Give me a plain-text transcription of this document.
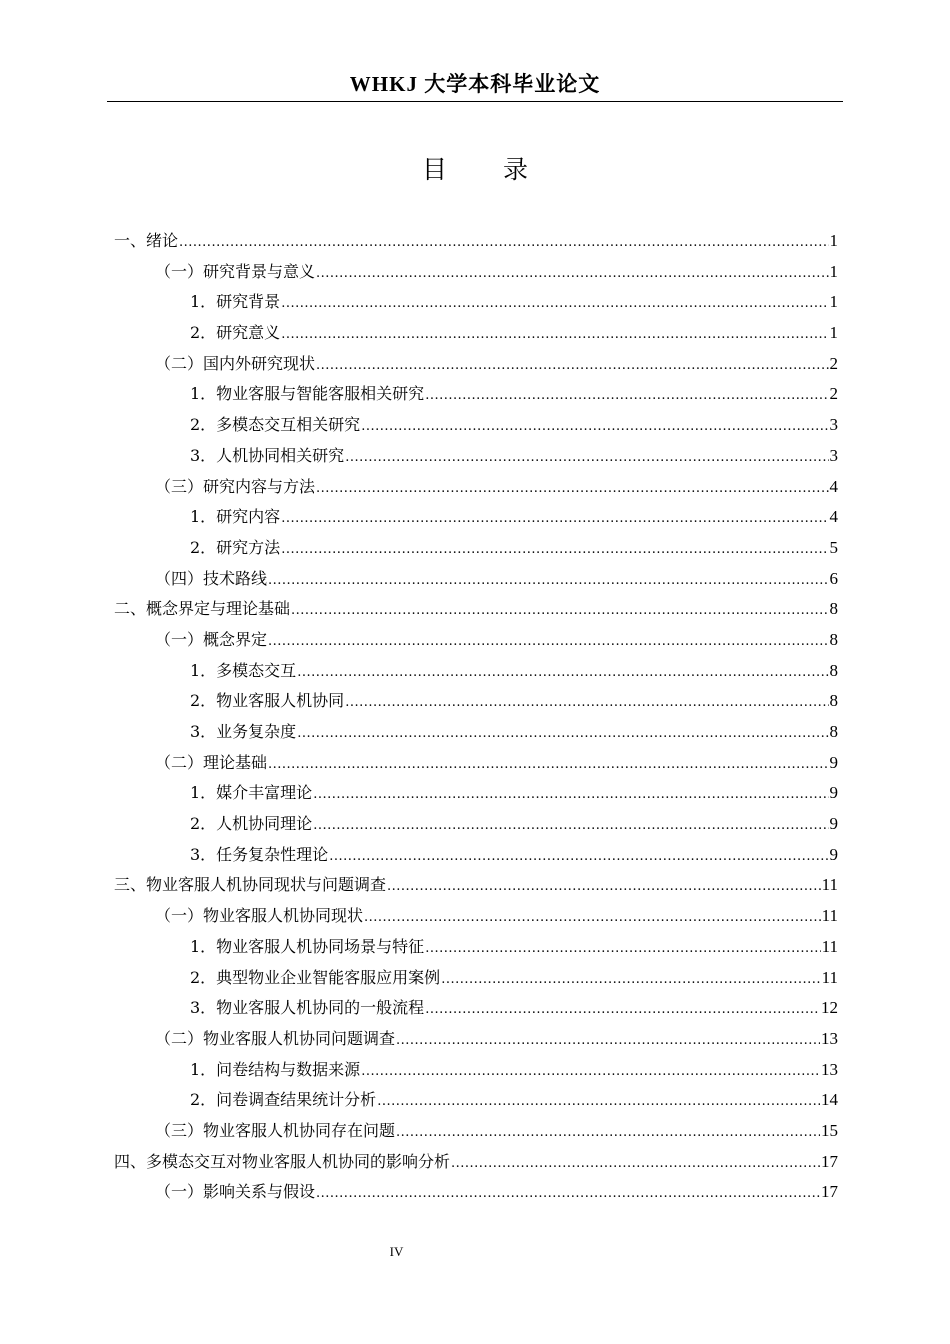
WHKJ 大学本科毕业论文
目 录
一、绪论 .....	1
（一）研究背景与意义 .....	1
1．研究背景 .....	1
2．研究意义 .....	1
（二）国内外研究现状 .....	2
1．物业客服与智能客服相关研究 .....	2
2．多模态交互相关研究 .....	3
3．人机协同相关研究 .....	3
（三）研究内容与方法 .....	4
1．研究内容 .....	4
2．研究方法 .....	5
（四）技术路线 .....	6
二、概念界定与理论基础 .....	8
（一）概念界定 .....	8
1．多模态交互 .....	8
2．物业客服人机协同 .....	8
3．业务复杂度 .....	8
（二）理论基础 .....	9
1．媒介丰富理论 .....	9
2．人机协同理论 .....	9
3．任务复杂性理论 .....	9
三、物业客服人机协同现状与问题调查 .....	11
（一）物业客服人机协同现状 .....	11
1．物业客服人机协同场景与特征 .....	11
2．典型物业企业智能客服应用案例 .....	11
3．物业客服人机协同的一般流程 .....	12
（二）物业客服人机协同问题调查 .....	13
1．问卷结构与数据来源 .....	13
2．问卷调查结果统计分析 .....	14
（三）物业客服人机协同存在问题 .....	15
四、多模态交互对物业客服人机协同的影响分析 .....	17
（一）影响关系与假设 .....	17
IV
